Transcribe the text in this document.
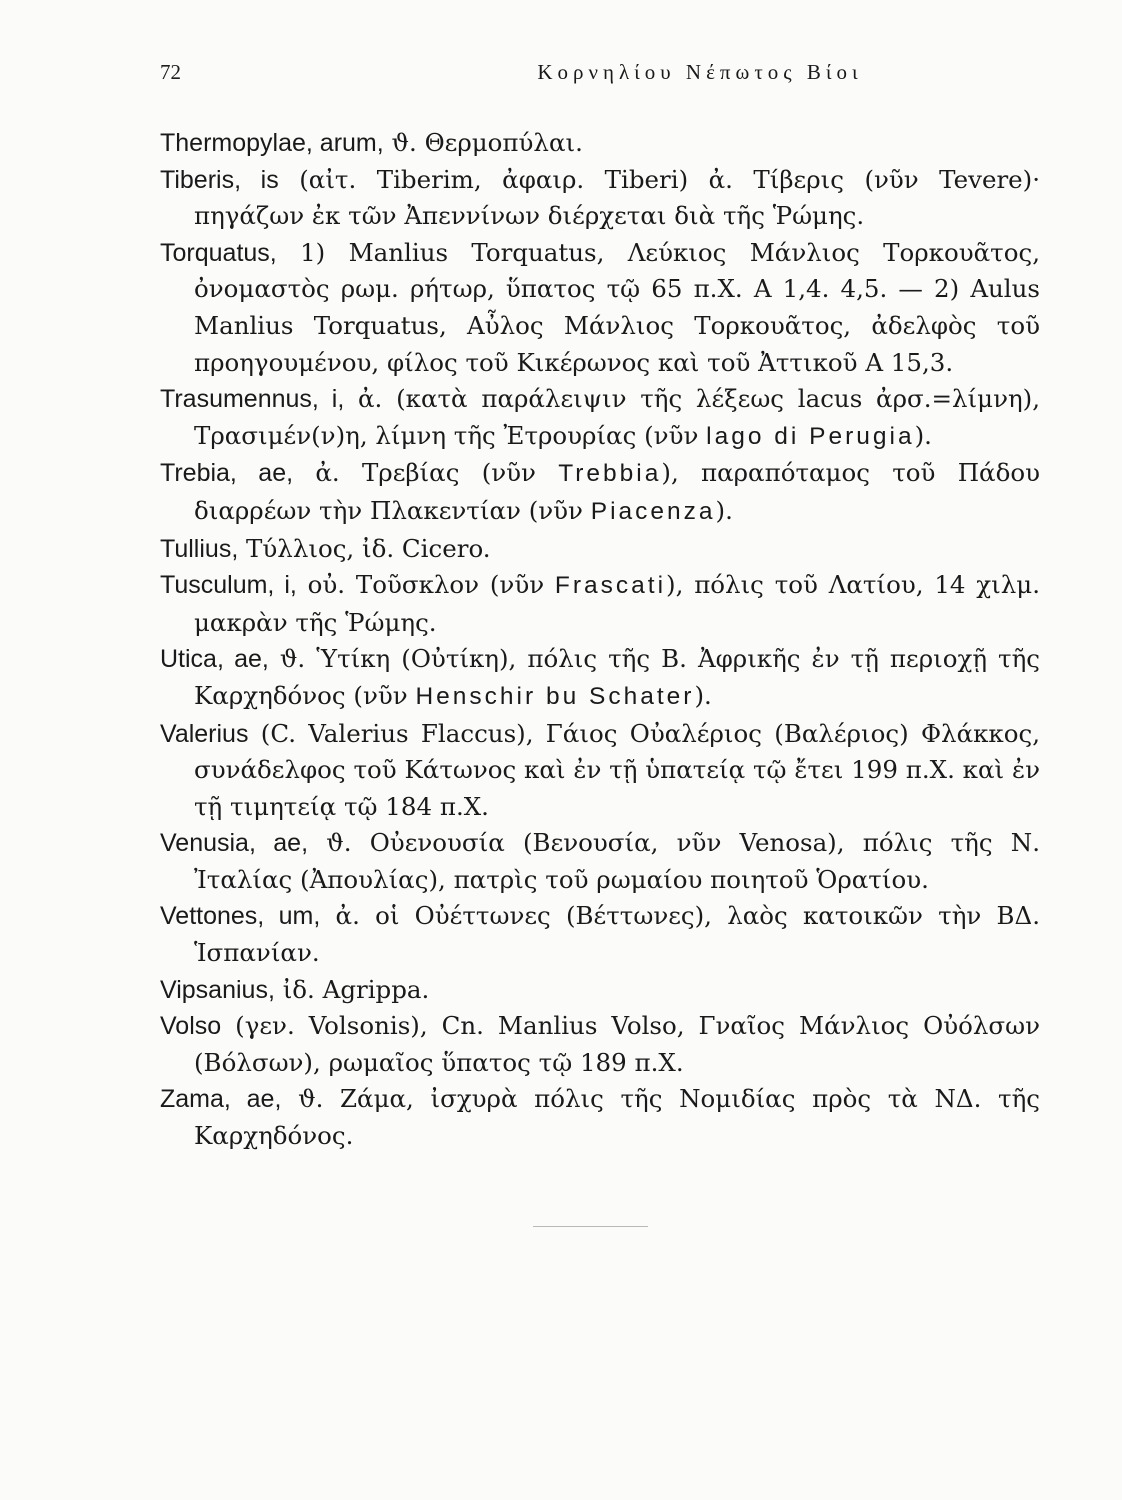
72	Κορνηλίου Νέπωτος Βίοι

Thermopylae, arum, ϑ. Θερμοπύλαι.

Tiberis, is (αἰτ. Tiberim, ἀφαιρ. Tiberi) ἀ. Τίβερις (νῦν Tevere)· πηγάζων ἐκ τῶν Ἀπεννίνων διέρχεται διὰ τῆς Ῥώμης.

Torquatus, 1) Manlius Torquatus, Λεύκιος Μάνλιος Τορκουᾶτος, ὀνομαστὸς ρωμ. ρήτωρ, ὕπατος τῷ 65 π.Χ. A 1,4. 4,5. — 2) Aulus Manlius Torquatus, Αὖλος Μάνλιος Τορκουᾶτος, ἀδελφὸς τοῦ προηγουμένου, φίλος τοῦ Κικέρωνος καὶ τοῦ Ἀττικοῦ A 15,3.

Trasumennus, i, ἀ. (κατὰ παράλειψιν τῆς λέξεως lacus ἀρσ.=λίμνη), Τρασιμέν(ν)η, λίμνη τῆς Ἐτρουρίας (νῦν lago di Perugia).

Trebia, ae, ἀ. Τρεβίας (νῦν Trebbia), παραπόταμος τοῦ Πάδου διαρρέων τὴν Πλακεντίαν (νῦν Piacenza).

Tullius, Τύλλιος, ἰδ. Cicero.

Tusculum, i, οὐ. Τοῦσκλον (νῦν Frascati), πόλις τοῦ Λατίου, 14 χιλμ. μακρὰν τῆς Ῥώμης.

Utica, ae, ϑ. Ὑτίκη (Οὐτίκη), πόλις τῆς Β. Ἀφρικῆς ἐν τῇ περιοχῇ τῆς Καρχηδόνος (νῦν Henschir bu Schater).

Valerius (C. Valerius Flaccus), Γάιος Οὐαλέριος (Βαλέριος) Φλάκκος, συνάδελφος τοῦ Κάτωνος καὶ ἐν τῇ ὑπατείᾳ τῷ ἔτει 199 π.Χ. καὶ ἐν τῇ τιμητείᾳ τῷ 184 π.Χ.

Venusia, ae, ϑ. Οὐενουσία (Βενουσία, νῦν Venosa), πόλις τῆς Ν. Ἰταλίας (Ἀπουλίας), πατρὶς τοῦ ρωμαίου ποιητοῦ Ὁρατίου.

Vettones, um, ἀ. οἱ Οὐέττωνες (Βέττωνες), λαὸς κατοικῶν τὴν ΒΔ. Ἱσπανίαν.

Vipsanius, ἰδ. Agrippa.

Volso (γεν. Volsonis), Cn. Manlius Volso, Γναῖος Μάνλιος Οὐόλσων (Βόλσων), ρωμαῖος ὕπατος τῷ 189 π.Χ.

Zama, ae, ϑ. Ζάμα, ἰσχυρὰ πόλις τῆς Νομιδίας πρὸς τὰ ΝΔ. τῆς Καρχηδόνος.
